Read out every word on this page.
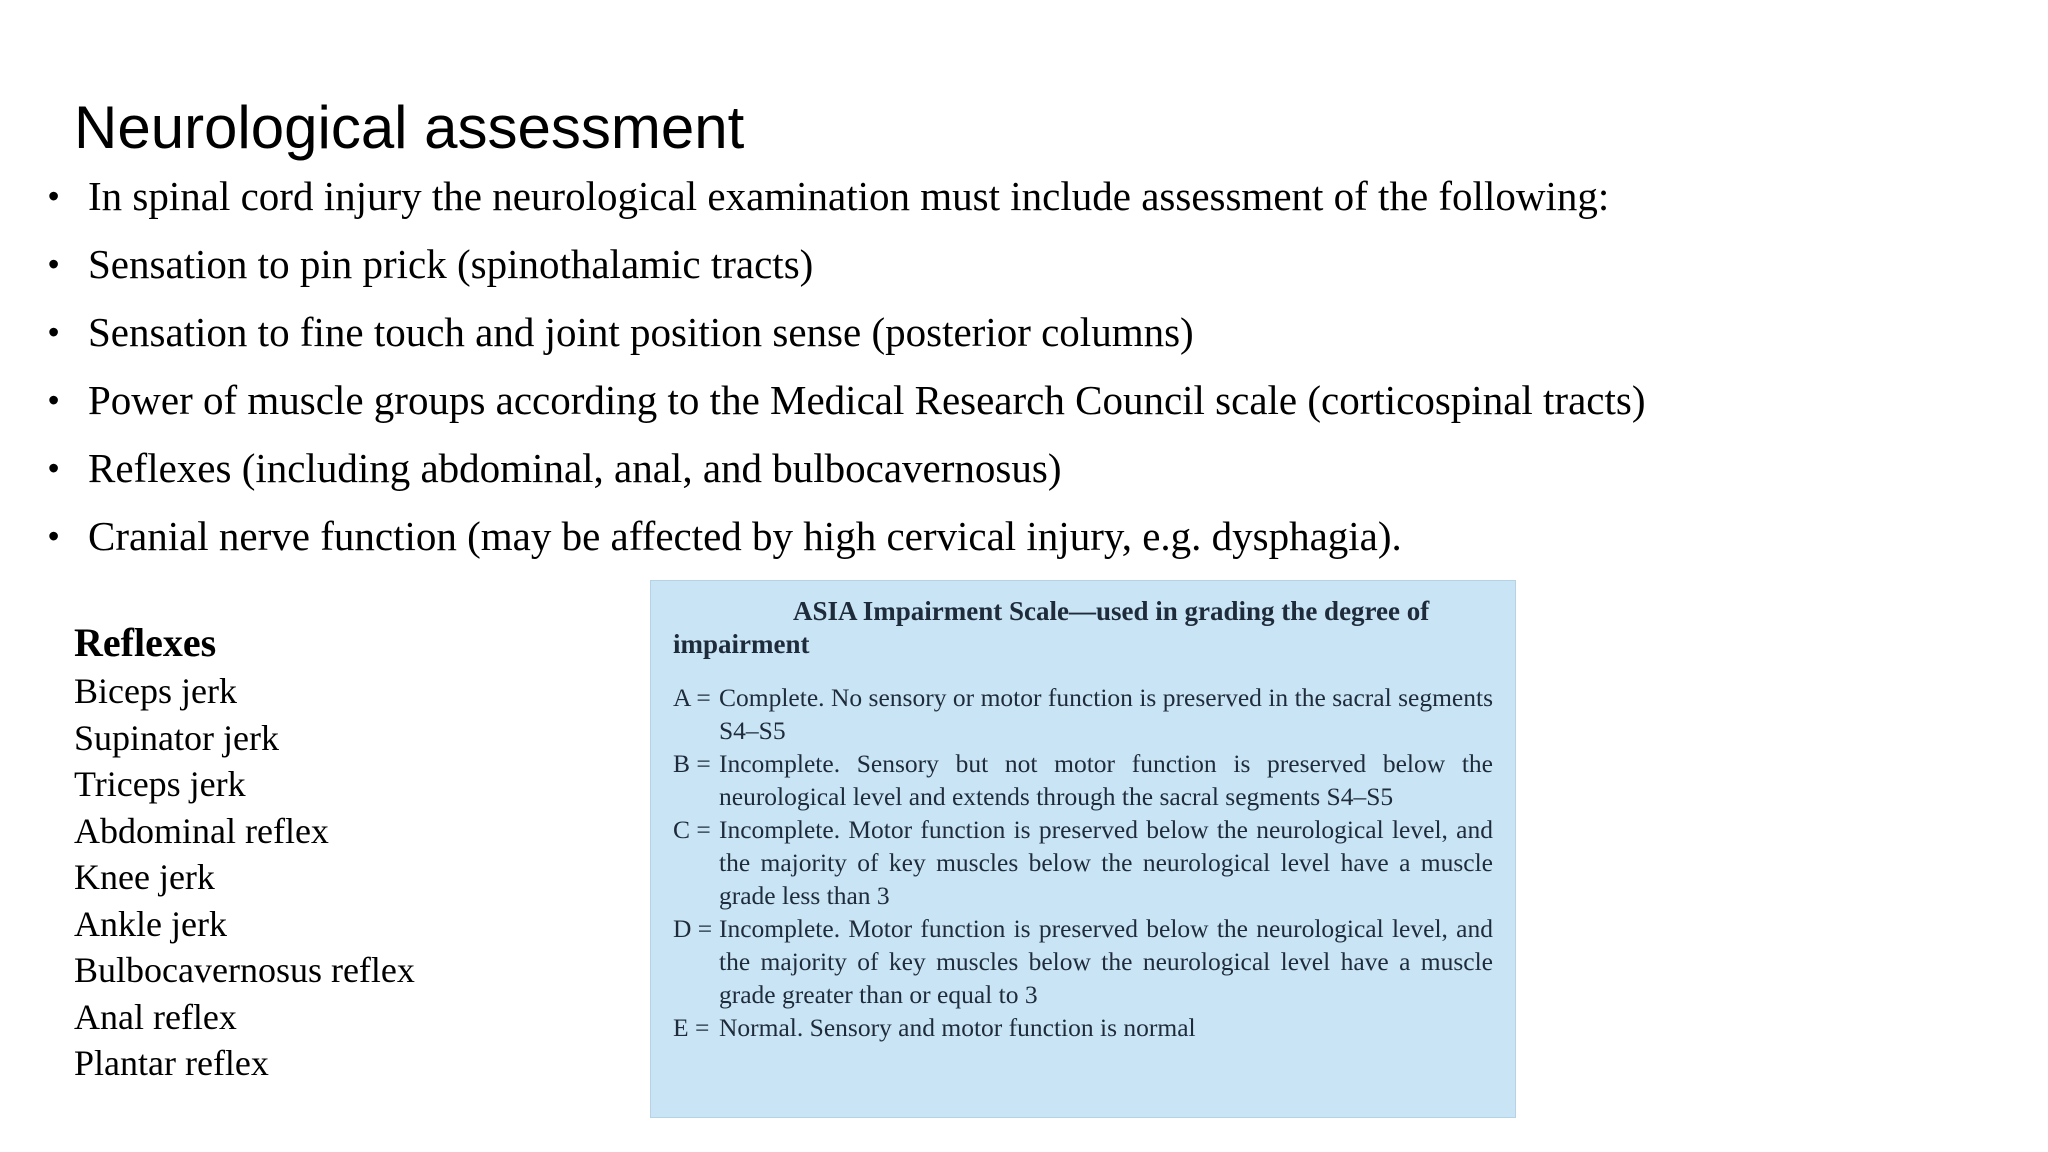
Neurological assessment
• In spinal cord injury the neurological examination must include assessment of the following:
• Sensation to pin prick (spinothalamic tracts)
• Sensation to fine touch and joint position sense (posterior columns)
• Power of muscle groups according to the Medical Research Council scale (corticospinal tracts)
• Reflexes (including abdominal, anal, and bulbocavernosus)
• Cranial nerve function (may be affected by high cervical injury, e.g. dysphagia).

Reflexes

Biceps jerk
Supinator jerk
Triceps jerk
Abdominal reflex
Knee jerk
Ankle jerk
Bulbocavernosus reflex
Anal reflex
Plantar reflex

ASIA Impairment Scale—used in grading the degree of impairment

A = Complete. No sensory or motor function is preserved in the sacral segments S4–S5
B = Incomplete. Sensory but not motor function is preserved below the neurological level and extends through the sacral segments S4–S5
C = Incomplete. Motor function is preserved below the neurological level, and the majority of key muscles below the neurological level have a muscle grade less than 3
D = Incomplete. Motor function is preserved below the neurological level, and the majority of key muscles below the neurological level have a muscle grade greater than or equal to 3
E = Normal. Sensory and motor function is normal
